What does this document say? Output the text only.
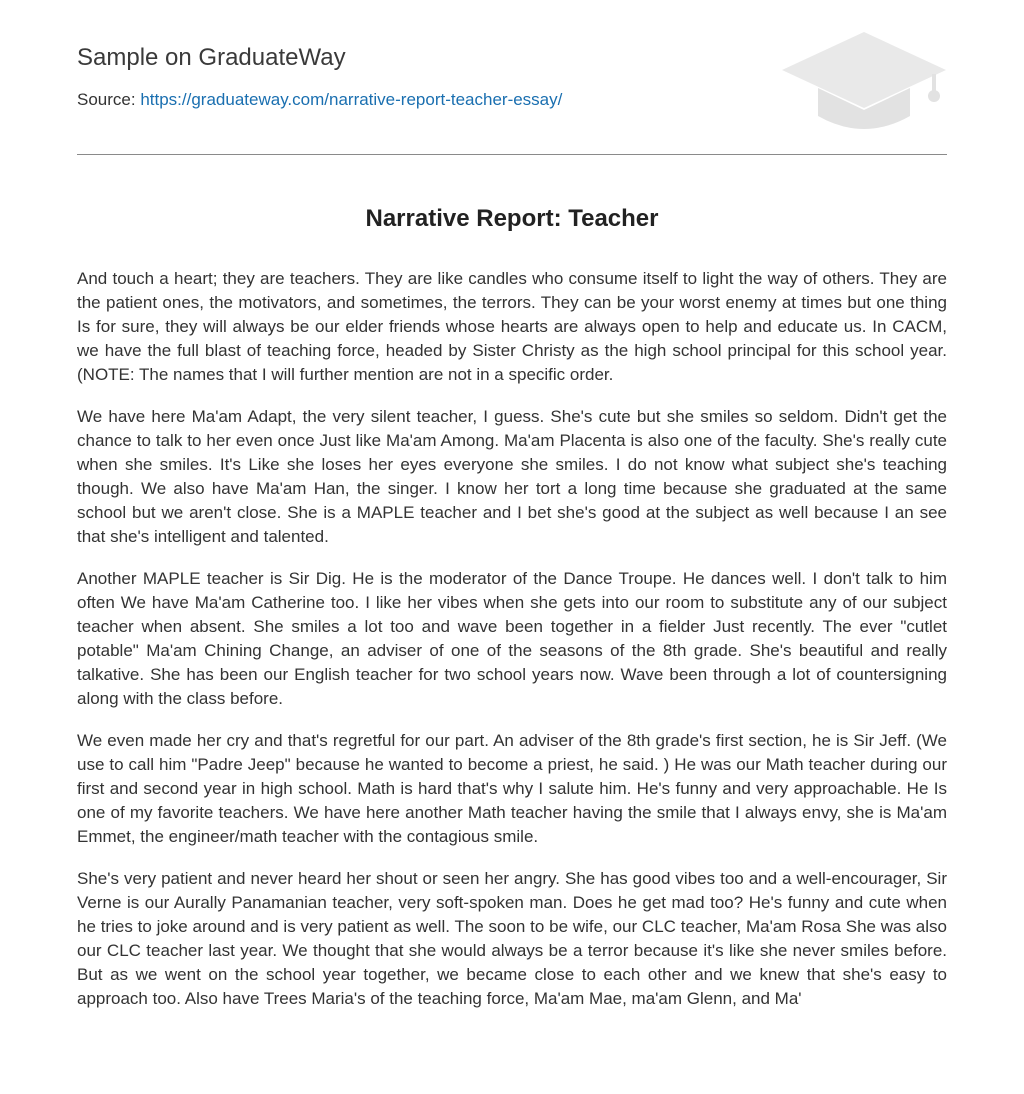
Sample on GraduateWay
Source: https://graduateway.com/narrative-report-teacher-essay/
Narrative Report: Teacher

And touch a heart; they are teachers. They are like candles who consume itself to light the way of others. They are the patient ones, the motivators, and sometimes, the terrors. They can be your worst enemy at times but one thing Is for sure, they will always be our elder friends whose hearts are always open to help and educate us. In CACM, we have the full blast of teaching force, headed by Sister Christy as the high school principal for this school year. (NOTE: The names that I will further mention are not in a specific order.

We have here Ma'am Adapt, the very silent teacher, I guess. She's cute but she smiles so seldom. Didn't get the chance to talk to her even once Just like Ma'am Among. Ma'am Placenta is also one of the faculty. She's really cute when she smiles. It's Like she loses her eyes everyone she smiles. I do not know what subject she's teaching though. We also have Ma'am Han, the singer. I know her tort a long time because she graduated at the same school but we aren't close. She is a MAPLE teacher and I bet she's good at the subject as well because I an see that she's intelligent and talented.

Another MAPLE teacher is Sir Dig. He is the moderator of the Dance Troupe. He dances well. I don't talk to him often We have Ma'am Catherine too. I like her vibes when she gets into our room to substitute any of our subject teacher when absent. She smiles a lot too and wave been together in a fielder Just recently. The ever "cutlet potable" Ma'am Chining Change, an adviser of one of the seasons of the 8th grade. She's beautiful and really talkative. She has been our English teacher for two school years now. Wave been through a lot of countersigning along with the class before.

We even made her cry and that's regretful for our part. An adviser of the 8th grade's first section, he is Sir Jeff. (We use to call him "Padre Jeep" because he wanted to become a priest, he said. ) He was our Math teacher during our first and second year in high school. Math is hard that's why I salute him. He's funny and very approachable. He Is one of my favorite teachers. We have here another Math teacher having the smile that I always envy, she is Ma'am Emmet, the engineer/math teacher with the contagious smile.

She's very patient and never heard her shout or seen her angry. She has good vibes too and a well-encourager, Sir Verne is our Aurally Panamanian teacher, very soft-spoken man. Does he get mad too? He's funny and cute when he tries to joke around and is very patient as well. The soon to be wife, our CLC teacher, Ma'am Rosa She was also our CLC teacher last year. We thought that she would always be a terror because it's like she never smiles before. But as we went on the school year together, we became close to each other and we knew that she's easy to approach too. Also have Trees Maria's of the teaching force, Ma'am Mae, ma'am Glenn, and Ma'
